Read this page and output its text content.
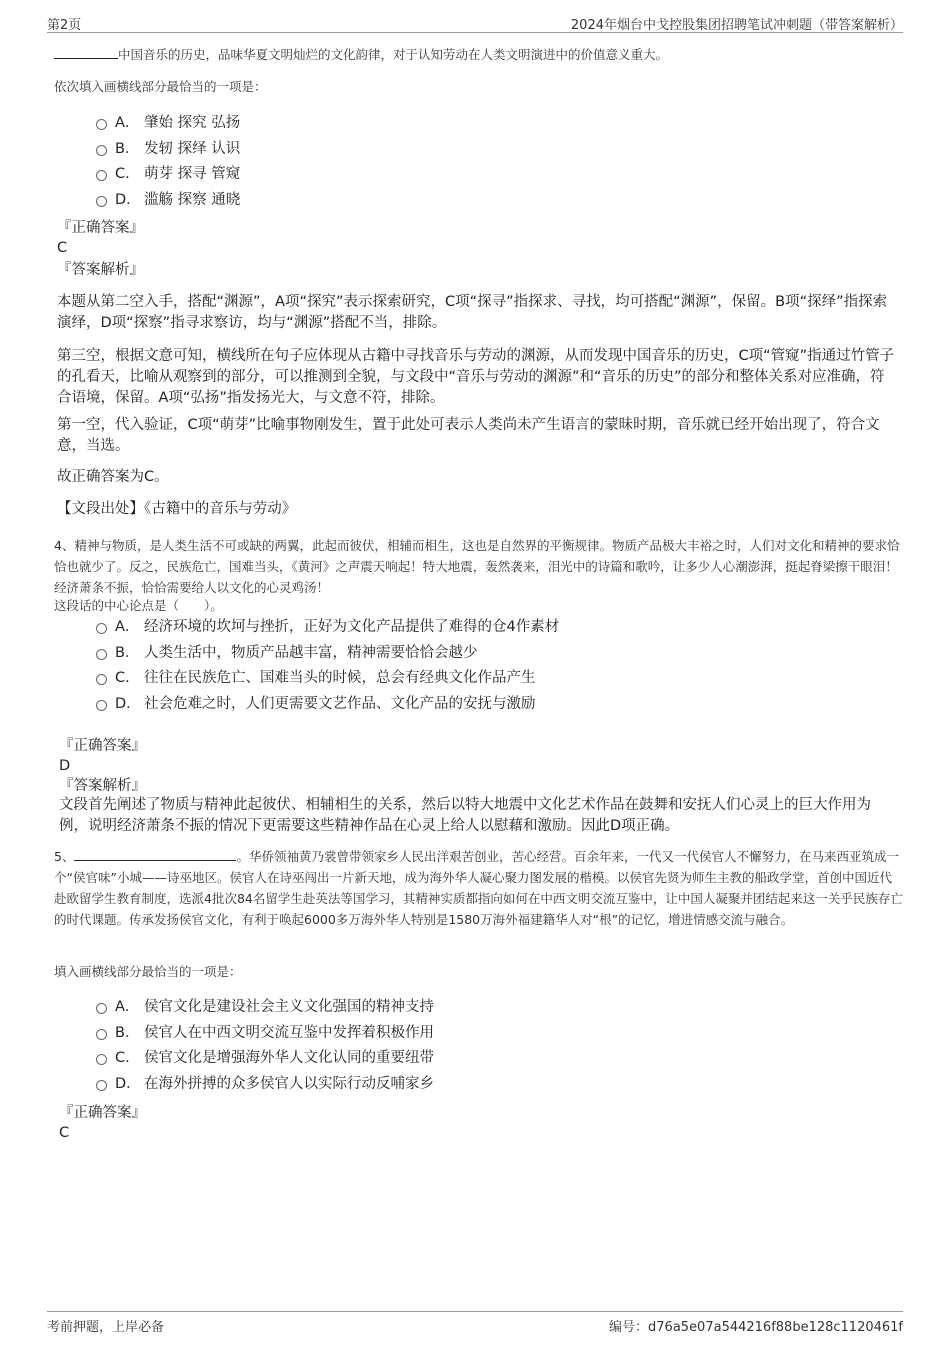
第2页	2024年烟台中戈控股集团招聘笔试冲刺题（带答案解析）
中国音乐的历史，品味华夏文明灿烂的文化韵律，对于认知劳动在人类文明演进中的价值意义重大。
依次填入画横线部分最恰当的一项是：
A． 肇始 探究 弘扬
B． 发轫 探绎 认识
C． 萌芽 探寻 管窥
D． 滥觞 探察 通晓
『正确答案』
C
『答案解析』
本题从第二空入手，搭配“渊源”，A项“探究”表示探索研究，C项“探寻”指探求、寻找，均可搭配“渊源”，保留。B项“探绎”指探索演绎，D项“探察”指寻求察访，均与“渊源”搭配不当，排除。
第三空，根据文意可知，横线所在句子应体现从古籍中寻找音乐与劳动的渊源，从而发现中国音乐的历史，C项“管窥”指通过竹管子的孔看天，比喻从观察到的部分，可以推测到全貌，与文段中“音乐与劳动的渊源”和“音乐的历史”的部分和整体关系对应准确，符合语境，保留。A项“弘扬”指发扬光大，与文意不符，排除。
第一空，代入验证，C项“萌芽”比喻事物刚发生，置于此处可表示人类尚未产生语言的蒙昧时期，音乐就已经开始出现了，符合文意，当选。
故正确答案为C。
【文段出处】《古籍中的音乐与劳动》
4、精神与物质，是人类生活不可或缺的两翼，此起而彼伏，相辅而相生，这也是自然界的平衡规律。物质产品极大丰裕之时，人们对文化和精神的要求恰恰也就少了。反之，民族危亡，国难当头，《黄河》之声震天响起！特大地震，轰然袭来，泪光中的诗篇和歌吟，让多少人心潮澎湃，挺起脊梁擦干眼泪！经济萧条不振，恰恰需要给人以文化的心灵鸡汤！
这段话的中心论点是（　　）。
A． 经济环境的坎坷与挫折，正好为文化产品提供了难得的仓4作素材
B． 人类生活中，物质产品越丰富，精神需要恰恰会越少
C． 往往在民族危亡、国难当头的时候，总会有经典文化作品产生
D． 社会危难之时，人们更需要文艺作品、文化产品的安抚与激励
『正确答案』
D
『答案解析』
文段首先阐述了物质与精神此起彼伏、相辅相生的关系，然后以特大地震中文化艺术作品在鼓舞和安抚人们心灵上的巨大作用为例，说明经济萧条不振的情况下更需要这些精神作品在心灵上给人以慰藉和激励。因此D项正确。
5、	。华侨领袖黄乃裳曾带领家乡人民出洋艰苦创业，苦心经营。百余年来，一代又一代侯官人不懈努力，在马来西亚筑成一个“侯官味”小城——诗巫地区。侯官人在诗巫闯出一片新天地，成为海外华人凝心聚力图发展的楷模。以侯官先贤为师生主教的船政学堂，首创中国近代赴欧留学生教育制度，选派4批次84名留学生赴英法等国学习，其精神实质都指向如何在中西文明交流互鉴中，让中国人凝聚并团结起来这一关乎民族存亡的时代课题。传承发扬侯官文化，有利于唤起6000多万海外华人特别是1580万海外福建籍华人对“根”的记忆，增进情感交流与融合。
填入画横线部分最恰当的一项是：
A． 侯官文化是建设社会主义文化强国的精神支持
B． 侯官人在中西文明交流互鉴中发挥着积极作用
C． 侯官文化是增强海外华人文化认同的重要纽带
D． 在海外拼搏的众多侯官人以实际行动反哺家乡
『正确答案』
C
考前押题，上岸必备	编号：d76a5e07a544216f88be128c1120461f
